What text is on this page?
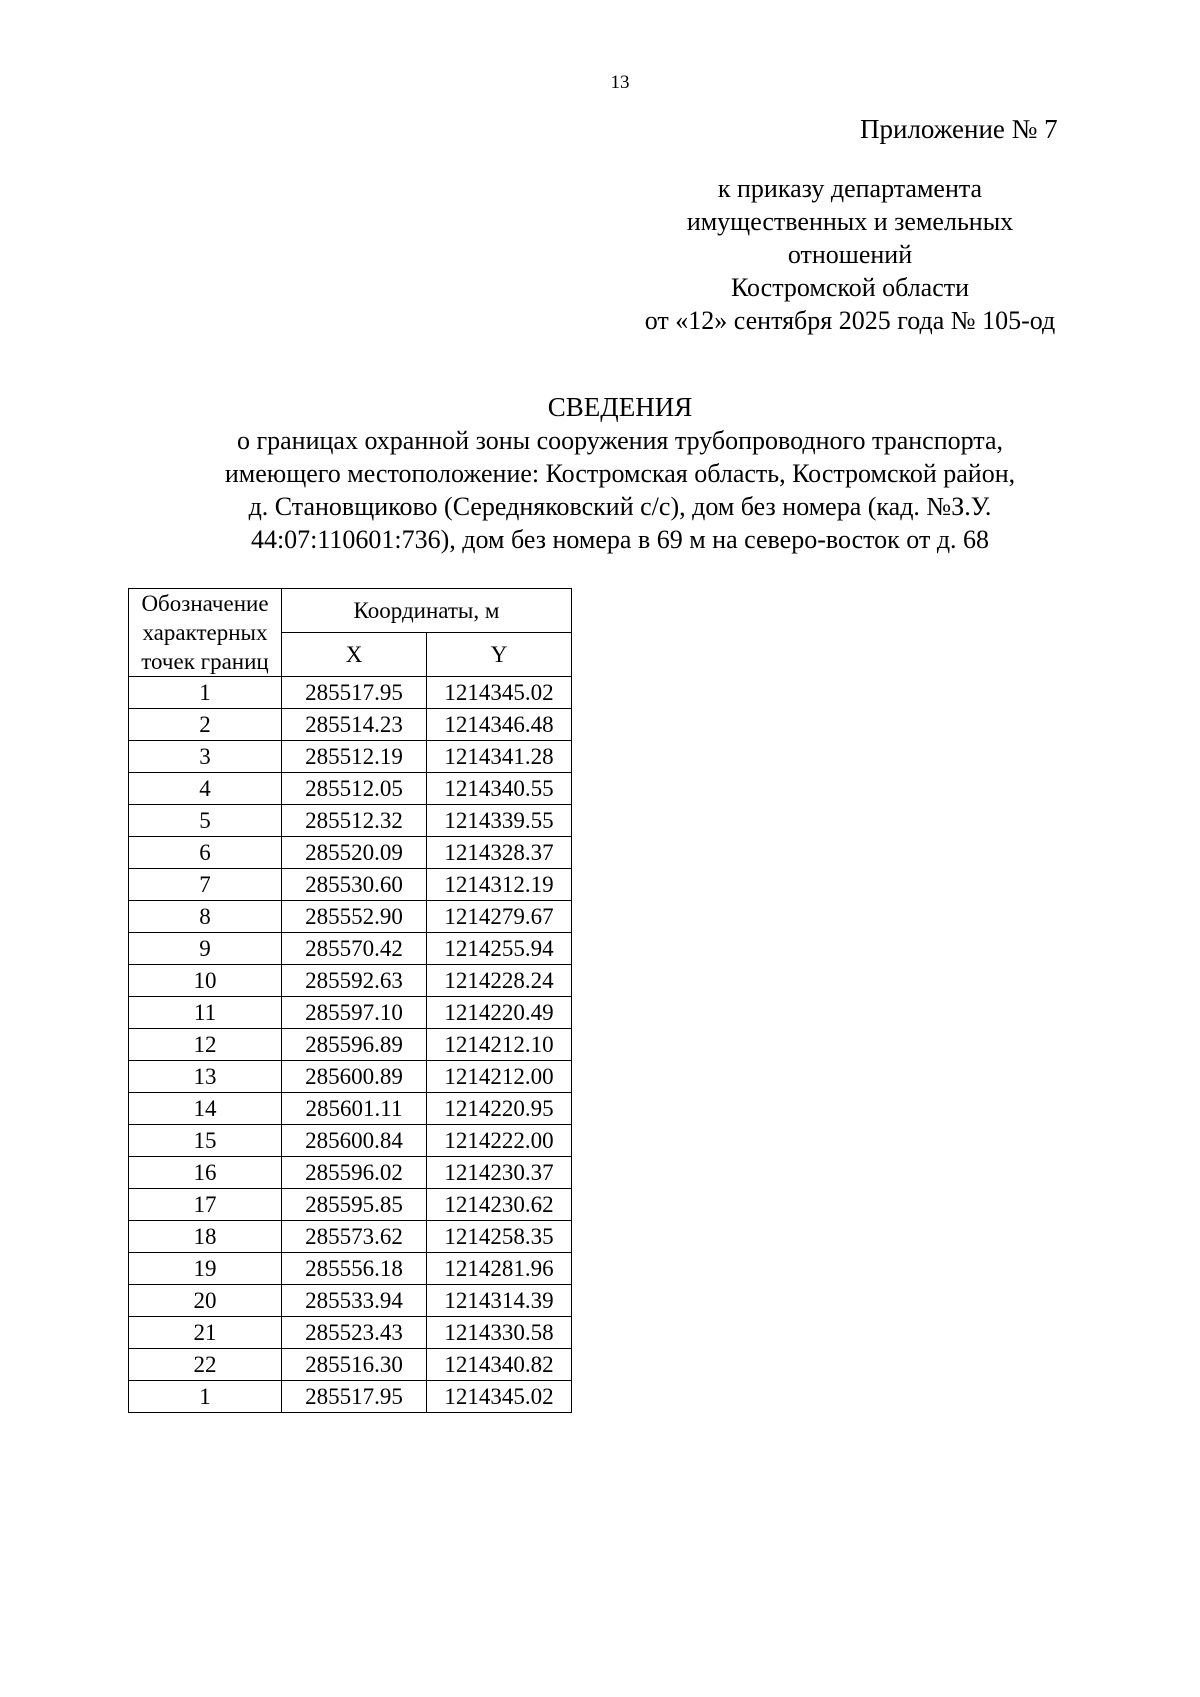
13
Приложение № 7
к приказу департамента
имущественных и земельных
отношений
Костромской области
от «12» сентября 2025 года № 105-од
СВЕДЕНИЯ
о границах охранной зоны сооружения трубопроводного транспорта,
имеющего местоположение: Костромская область, Костромской район,
д. Становщиково (Середняковский с/с), дом без номера (кад. №З.У.
44:07:110601:736), дом без номера в 69 м на северо-восток от д. 68
Обозначение
характерных
точек границ	Координаты, м	
	X	Y
1	285517.95	1214345.02
2	285514.23	1214346.48
3	285512.19	1214341.28
4	285512.05	1214340.55
5	285512.32	1214339.55
6	285520.09	1214328.37
7	285530.60	1214312.19
8	285552.90	1214279.67
9	285570.42	1214255.94
10	285592.63	1214228.24
11	285597.10	1214220.49
12	285596.89	1214212.10
13	285600.89	1214212.00
14	285601.11	1214220.95
15	285600.84	1214222.00
16	285596.02	1214230.37
17	285595.85	1214230.62
18	285573.62	1214258.35
19	285556.18	1214281.96
20	285533.94	1214314.39
21	285523.43	1214330.58
22	285516.30	1214340.82
1	285517.95	1214345.02
